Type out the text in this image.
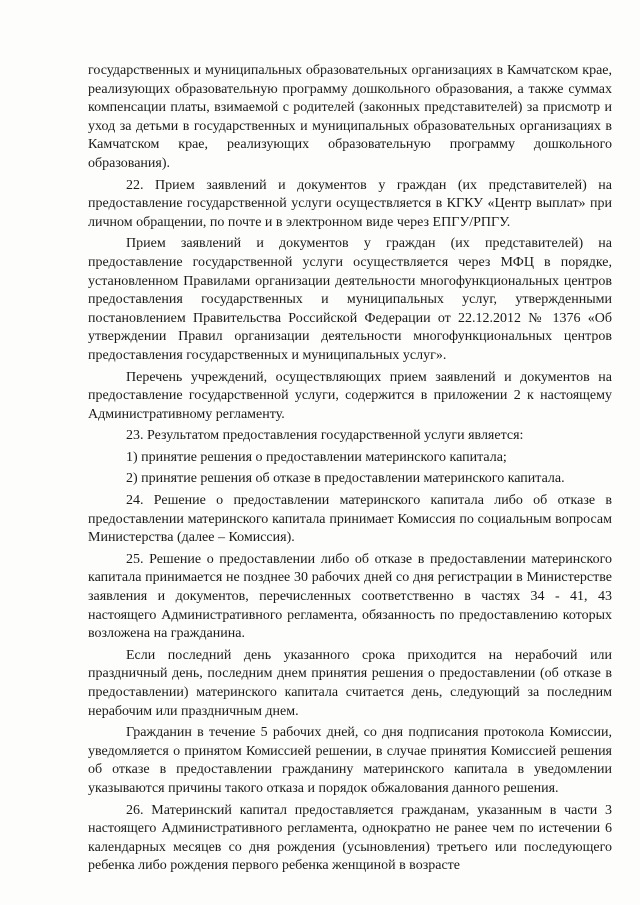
государственных и муниципальных образовательных организациях в Камчатском крае, реализующих образовательную программу дошкольного образования, а также суммах компенсации платы, взимаемой с родителей (законных представителей) за присмотр и уход за детьми в государственных и муниципальных образовательных организациях в Камчатском крае, реализующих образовательную программу дошкольного образования).

22. Прием заявлений и документов у граждан (их представителей) на предоставление государственной услуги осуществляется в КГКУ «Центр выплат» при личном обращении, по почте и в электронном виде через ЕПГУ/РПГУ.

Прием заявлений и документов у граждан (их представителей) на предоставление государственной услуги осуществляется через МФЦ в порядке, установленном Правилами организации деятельности многофункциональных центров предоставления государственных и муниципальных услуг, утвержденными постановлением Правительства Российской Федерации от 22.12.2012 № 1376 «Об утверждении Правил организации деятельности многофункциональных центров предоставления государственных и муниципальных услуг».

Перечень учреждений, осуществляющих прием заявлений и документов на предоставление государственной услуги, содержится в приложении 2 к настоящему Административному регламенту.

23. Результатом предоставления государственной услуги является:

1) принятие решения о предоставлении материнского капитала;

2) принятие решения об отказе в предоставлении материнского капитала.

24. Решение о предоставлении материнского капитала либо об отказе в предоставлении материнского капитала принимает Комиссия по социальным вопросам Министерства (далее – Комиссия).

25. Решение о предоставлении либо об отказе в предоставлении материнского капитала принимается не позднее 30 рабочих дней со дня регистрации в Министерстве заявления и документов, перечисленных соответственно в частях 34 - 41, 43 настоящего Административного регламента, обязанность по предоставлению которых возложена на гражданина.

Если последний день указанного срока приходится на нерабочий или праздничный день, последним днем принятия решения о предоставлении (об отказе в предоставлении) материнского капитала считается день, следующий за последним нерабочим или праздничным днем.

Гражданин в течение 5 рабочих дней, со дня подписания протокола Комиссии, уведомляется о принятом Комиссией решении, в случае принятия Комиссией решения об отказе в предоставлении гражданину материнского капитала в уведомлении указываются причины такого отказа и порядок обжалования данного решения.

26. Материнский капитал предоставляется гражданам, указанным в части 3 настоящего Административного регламента, однократно не ранее чем по истечении 6 календарных месяцев со дня рождения (усыновления) третьего или последующего ребенка либо рождения первого ребенка женщиной в возрасте
